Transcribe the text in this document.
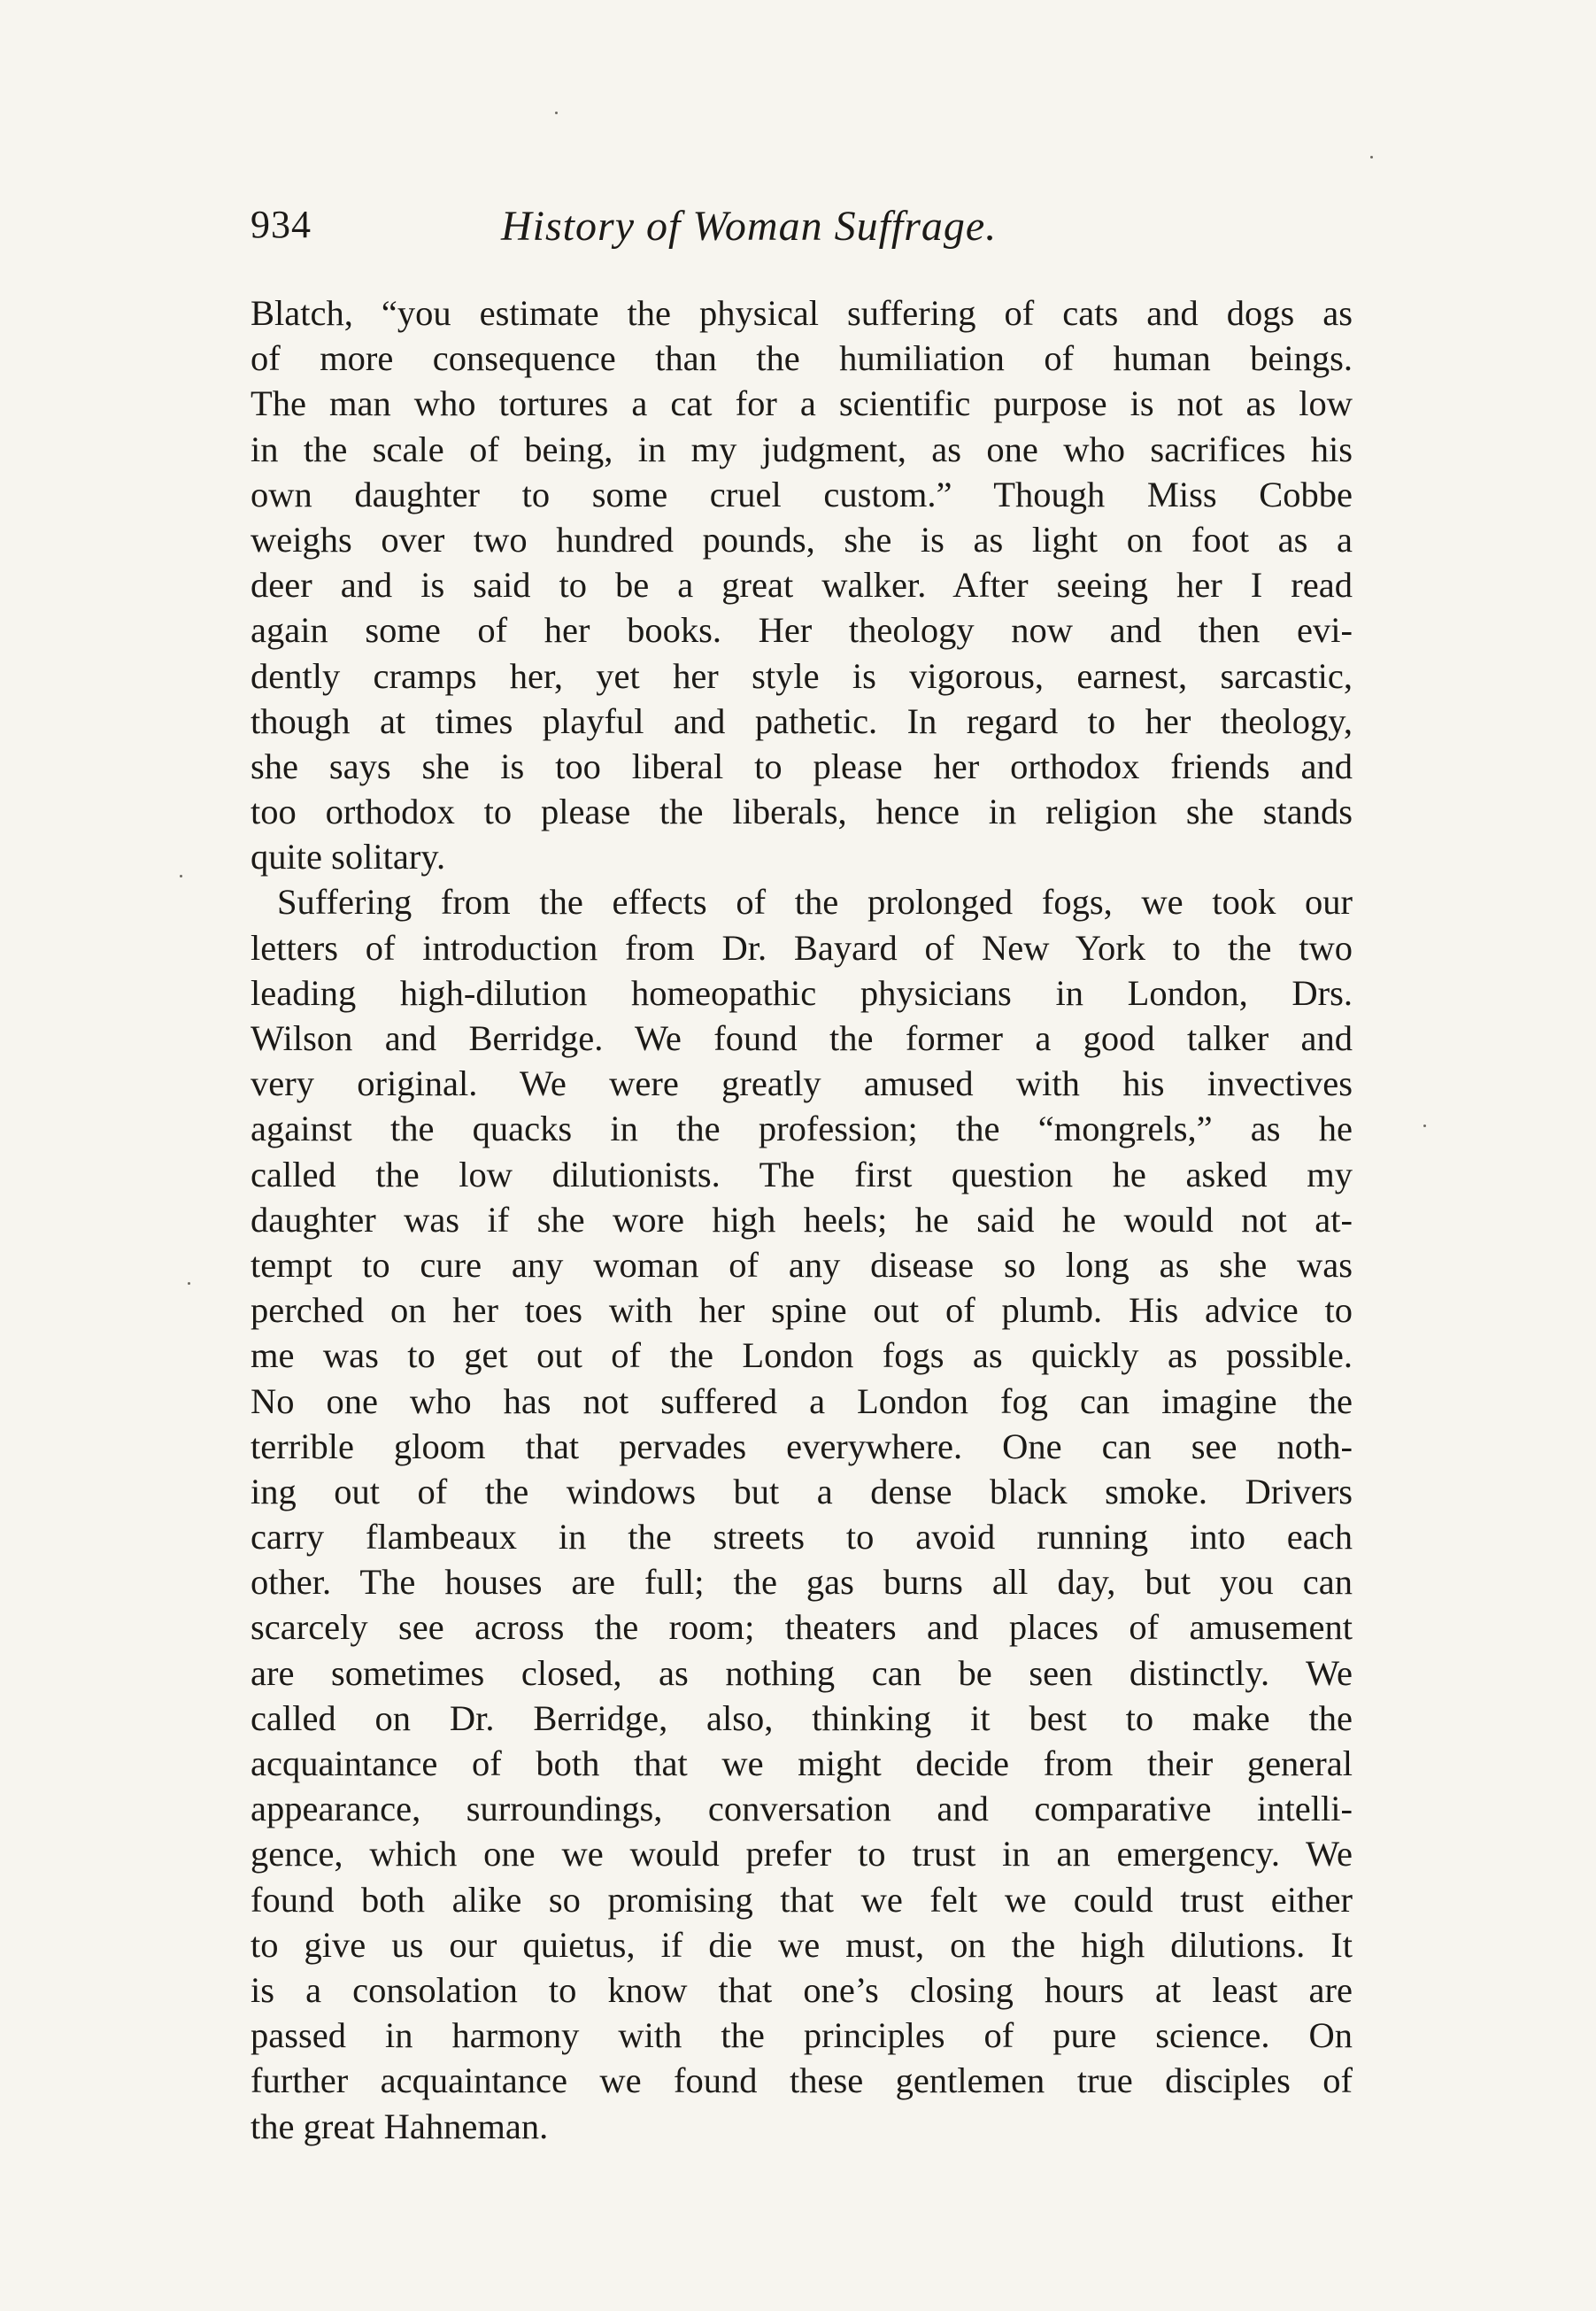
934	History of Woman Suffrage.
Blatch, “you estimate the physical suffering of cats and dogs as
of more consequence than the humiliation of human beings.
The man who tortures a cat for a scientific purpose is not as low
in the scale of being, in my judgment, as one who sacrifices his
own daughter to some cruel custom.” Though Miss Cobbe
weighs over two hundred pounds, she is as light on foot as a
deer and is said to be a great walker. After seeing her I read
again some of her books. Her theology now and then evi-
dently cramps her, yet her style is vigorous, earnest, sarcastic,
though at times playful and pathetic. In regard to her theology,
she says she is too liberal to please her orthodox friends and
too orthodox to please the liberals, hence in religion she stands
quite solitary.
Suffering from the effects of the prolonged fogs, we took our
letters of introduction from Dr. Bayard of New York to the two
leading high-dilution homeopathic physicians in London, Drs.
Wilson and Berridge. We found the former a good talker and
very original. We were greatly amused with his invectives
against the quacks in the profession; the “mongrels,” as he
called the low dilutionists. The first question he asked my
daughter was if she wore high heels; he said he would not at-
tempt to cure any woman of any disease so long as she was
perched on her toes with her spine out of plumb. His advice to
me was to get out of the London fogs as quickly as possible.
No one who has not suffered a London fog can imagine the
terrible gloom that pervades everywhere. One can see noth-
ing out of the windows but a dense black smoke. Drivers
carry flambeaux in the streets to avoid running into each
other. The houses are full; the gas burns all day, but you can
scarcely see across the room; theaters and places of amusement
are sometimes closed, as nothing can be seen distinctly. We
called on Dr. Berridge, also, thinking it best to make the
acquaintance of both that we might decide from their general
appearance, surroundings, conversation and comparative intelli-
gence, which one we would prefer to trust in an emergency. We
found both alike so promising that we felt we could trust either
to give us our quietus, if die we must, on the high dilutions. It
is a consolation to know that one’s closing hours at least are
passed in harmony with the principles of pure science. On
further acquaintance we found these gentlemen true disciples of
the great Hahneman.
